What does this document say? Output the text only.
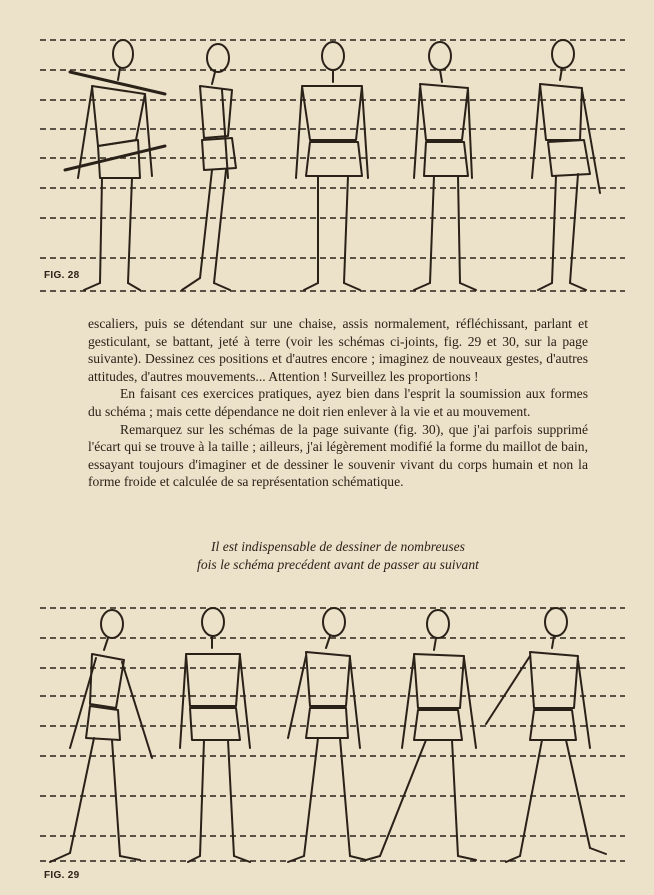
FIG. 28

escaliers, puis se détendant sur une chaise, assis normalement, réfléchissant, parlant et gesticulant, se battant, jeté à terre (voir les schémas ci-joints, fig. 29 et 30, sur la page suivante). Dessinez ces positions et d'autres encore ; imaginez de nouveaux gestes, d'autres attitudes, d'autres mouvements... Attention ! Surveillez les proportions !

En faisant ces exercices pratiques, ayez bien dans l'esprit la soumission aux formes du schéma ; mais cette dépendance ne doit rien enlever à la vie et au mouvement.

Remarquez sur les schémas de la page suivante (fig. 30), que j'ai parfois supprimé l'écart qui se trouve à la taille ; ailleurs, j'ai légèrement modifié la forme du maillot de bain, essayant toujours d'imaginer et de dessiner le souvenir vivant du corps humain et non la forme froide et calculée de sa représentation schématique.

Il est indispensable de dessiner de nombreuses
fois le schéma precédent avant de passer au suivant
FIG. 29
